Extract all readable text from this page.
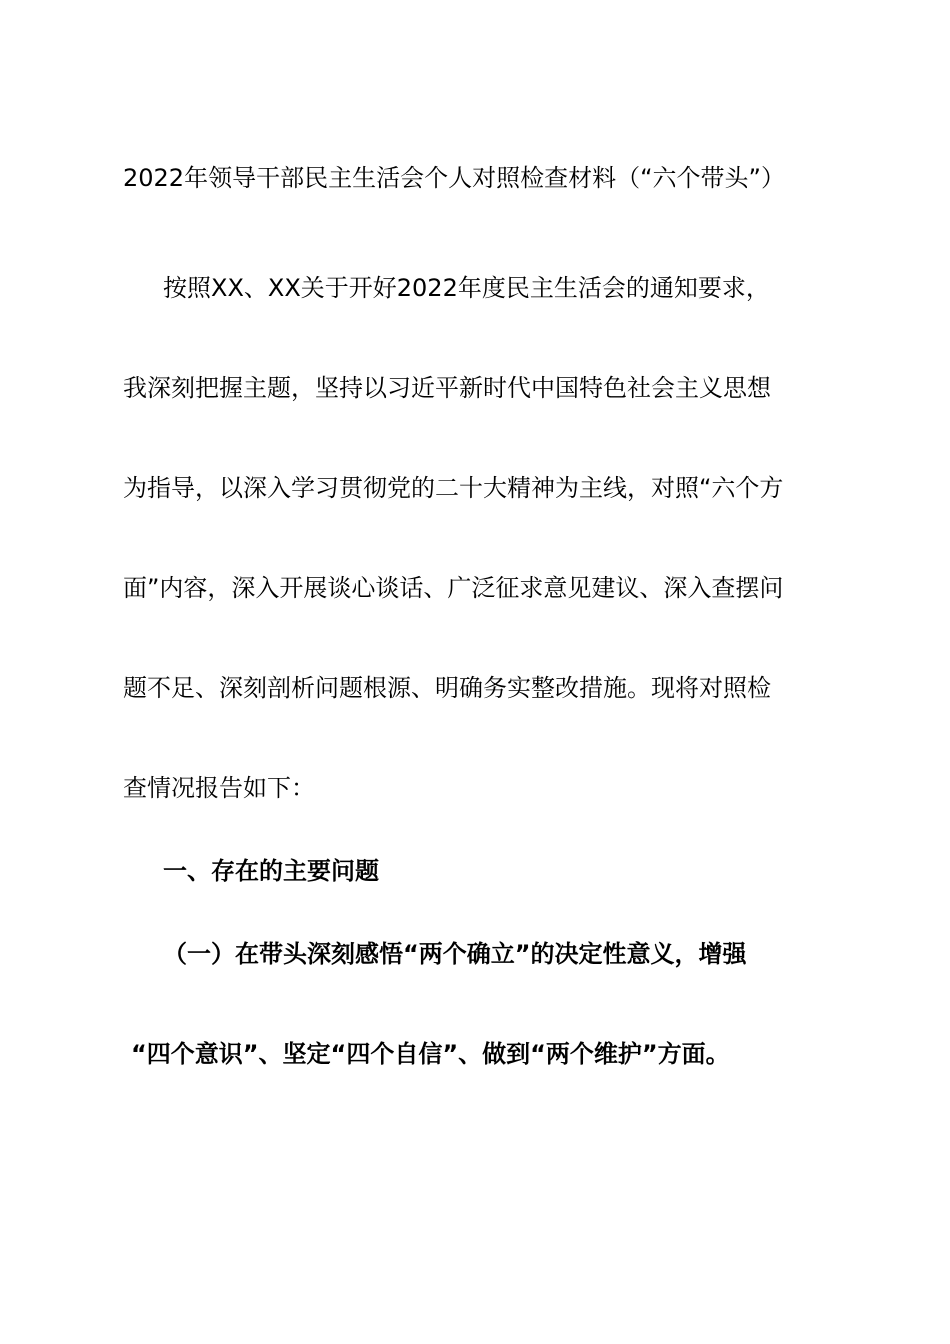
2022年领导干部民主生活会个人对照检查材料（“六个带头”）
按照XX、XX关于开好2022年度民主生活会的通知要求，
我深刻把握主题，坚持以习近平新时代中国特色社会主义思想
为指导，以深入学习贯彻党的二十大精神为主线，对照“六个方
面”内容，深入开展谈心谈话、广泛征求意见建议、深入查摆问
题不足、深刻剖析问题根源、明确务实整改措施。现将对照检
查情况报告如下：
一、存在的主要问题
（一）在带头深刻感悟“两个确立”的决定性意义，增强
“四个意识”、坚定“四个自信”、做到“两个维护”方面。
